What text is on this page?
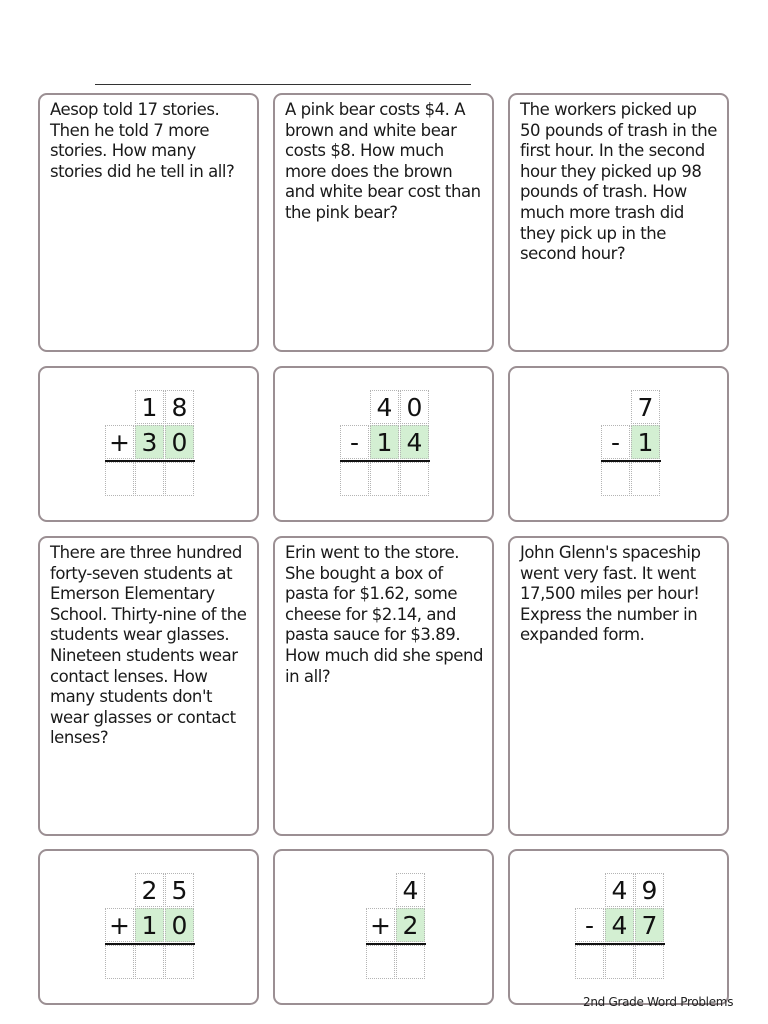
Aesop told 17 stories. Then he told 7 more stories. How many stories did he tell in all?

A pink bear costs $4. A brown and white bear costs $8. How much more does the brown and white bear cost than the pink bear?

The workers picked up 50 pounds of trash in the first hour. In the second hour they picked up 98 pounds of trash. How much more trash did they pick up in the second hour?

1 8
+ 3 0
4 0
- 1 4
7
- 1

There are three hundred forty-seven students at Emerson Elementary School. Thirty-nine of the students wear glasses. Nineteen students wear contact lenses. How many students don't wear glasses or contact lenses?

Erin went to the store. She bought a box of pasta for $1.62, some cheese for $2.14, and pasta sauce for $3.89. How much did she spend in all?

John Glenn's spaceship went very fast. It went 17,500 miles per hour! Express the number in expanded form.

2 5
+ 1 0
4
+ 2
4 9
- 4 7
2nd Grade Word Problems
